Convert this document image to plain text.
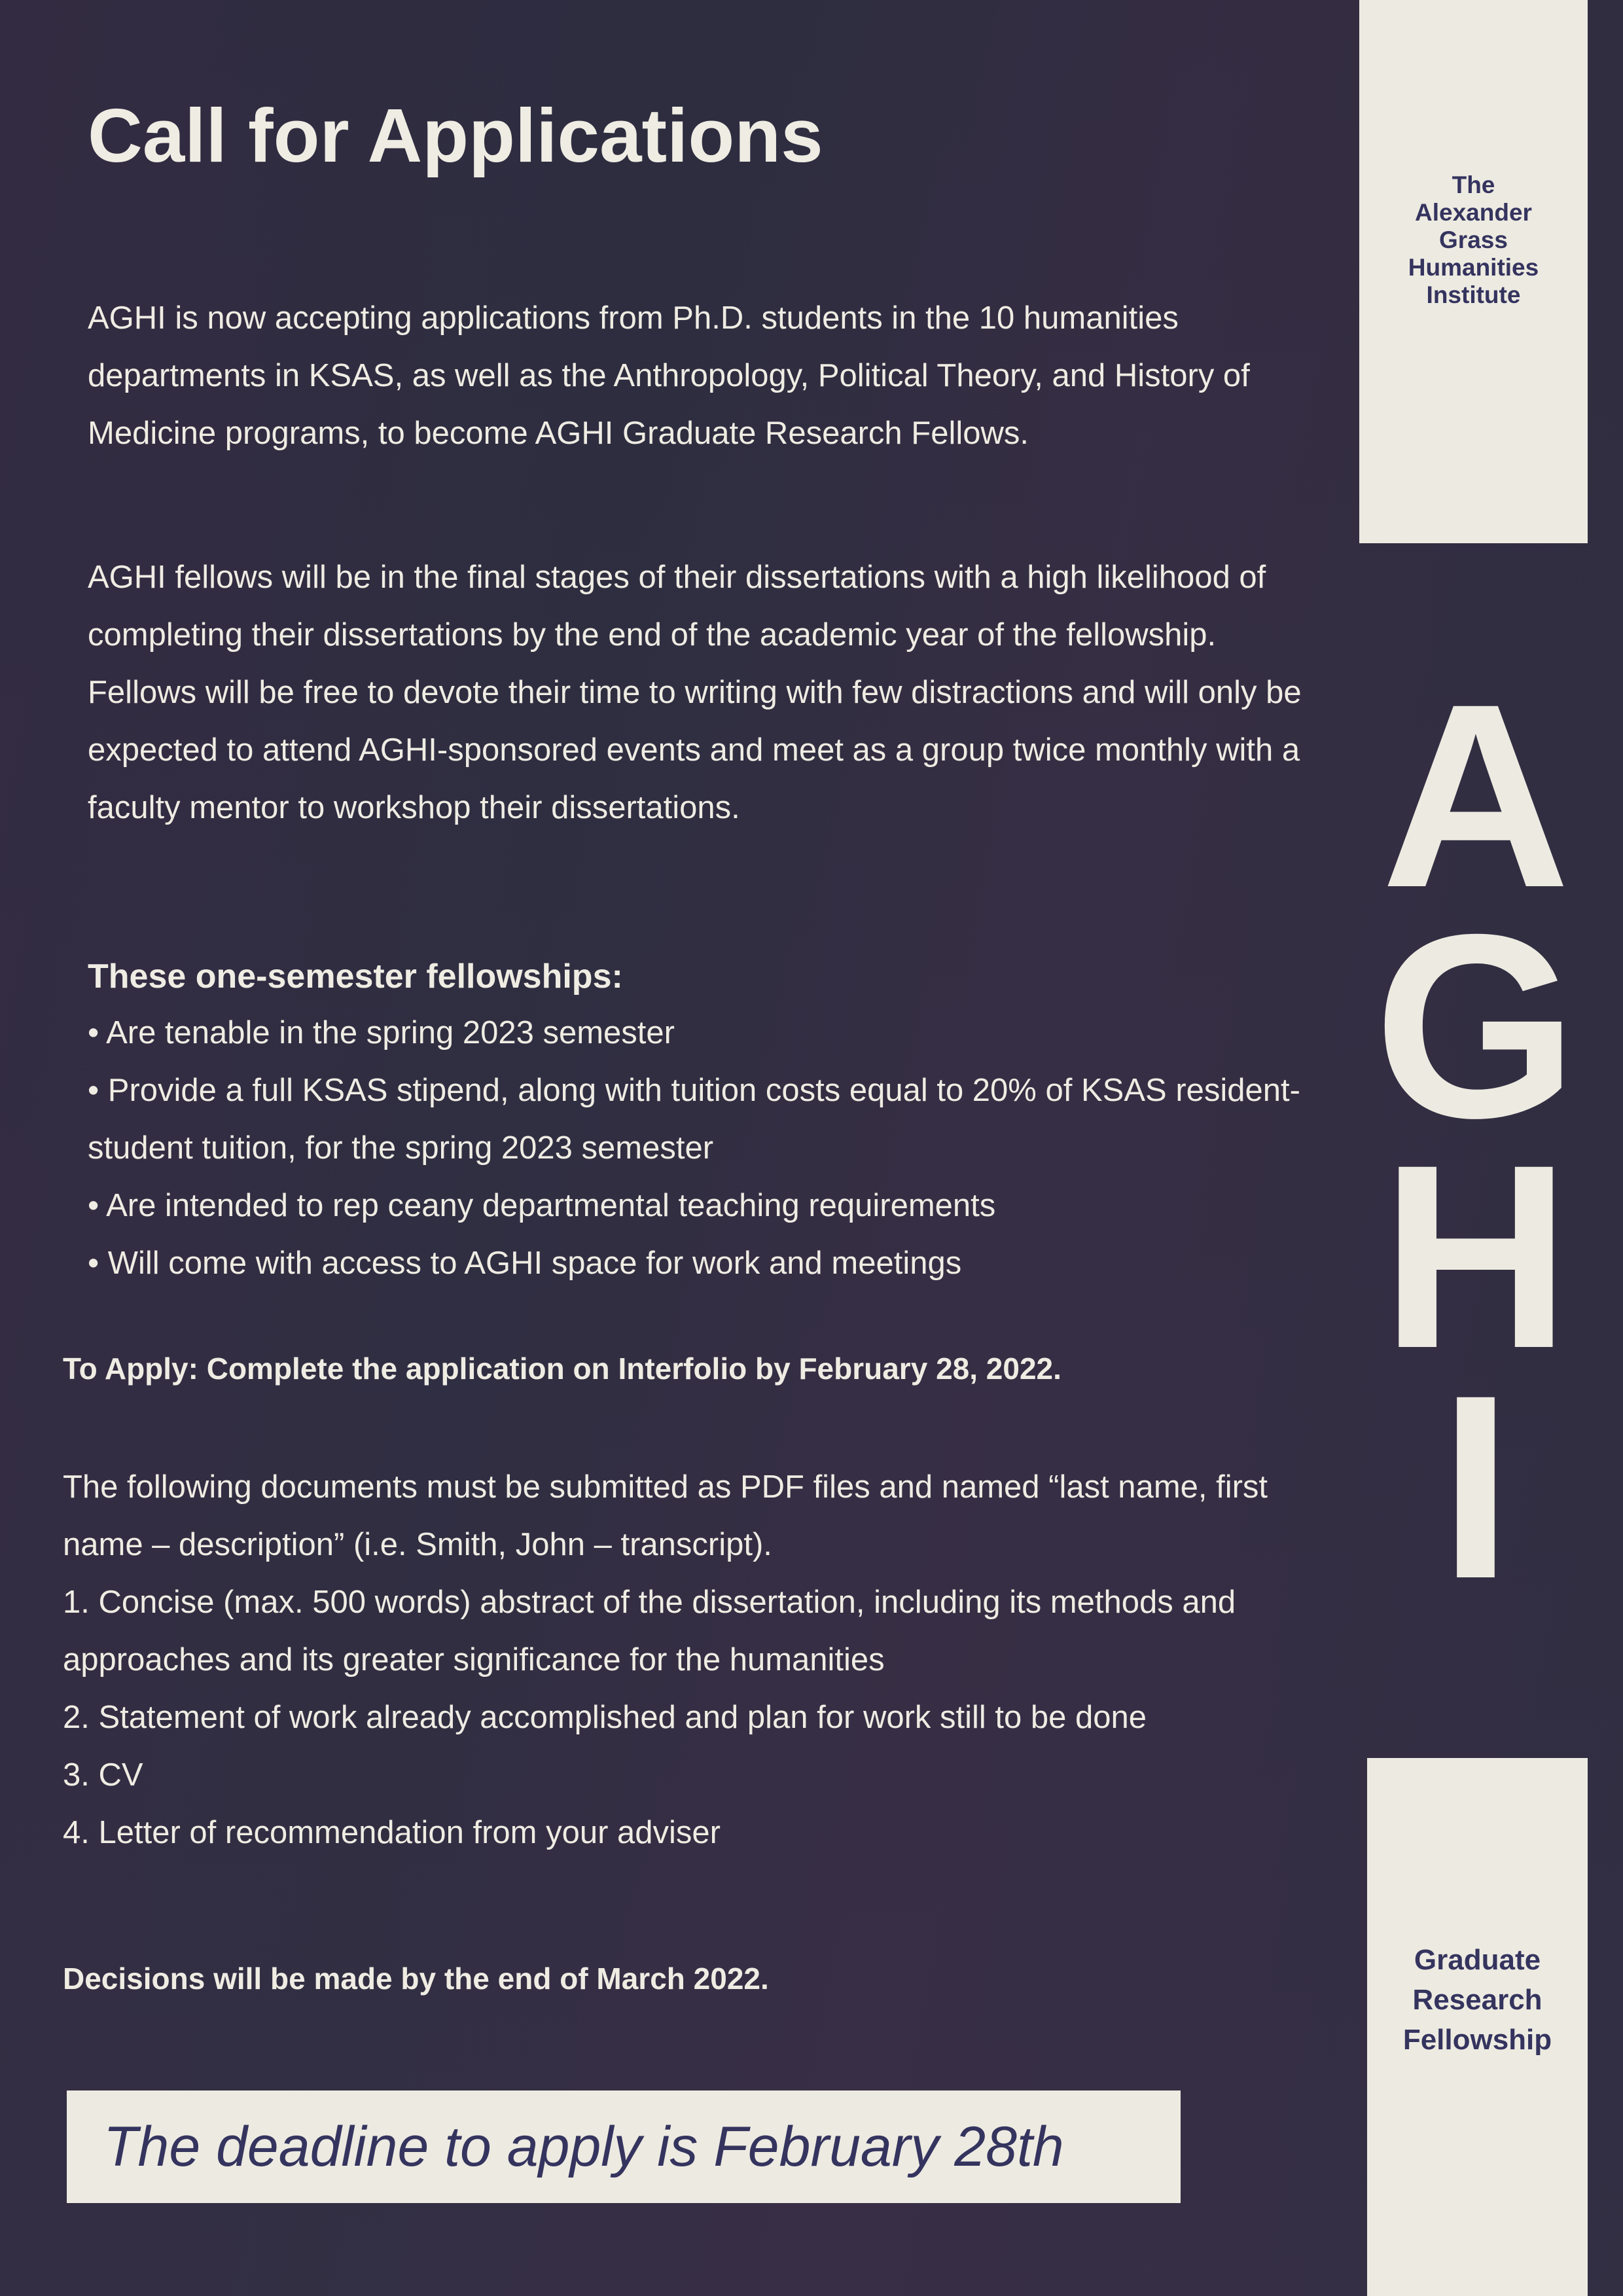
Call for Applications

AGHI is now accepting applications from Ph.D. students in the 10 humanities departments in KSAS, as well as the Anthropology, Political Theory, and History of Medicine programs, to become AGHI Graduate Research Fellows.

AGHI fellows will be in the final stages of their dissertations with a high likelihood of completing their dissertations by the end of the academic year of the fellowship. Fellows will be free to devote their time to writing with few distractions and will only be expected to attend AGHI-sponsored events and meet as a group twice monthly with a faculty mentor to workshop their dissertations.

These one-semester fellowships:

• Are tenable in the spring 2023 semester

• Provide a full KSAS stipend, along with tuition costs equal to 20% of KSAS resident-student tuition, for the spring 2023 semester

• Are intended to rep ceany departmental teaching requirements

• Will come with access to AGHI space for work and meetings

To Apply: Complete the application on Interfolio by February 28, 2022.

The following documents must be submitted as PDF files and named “last name, first name – description” (i.e. Smith, John – transcript).

1. Concise (max. 500 words) abstract of the dissertation, including its methods and approaches and its greater significance for the humanities

2. Statement of work already accomplished and plan for work still to be done

3. CV

4. Letter of recommendation from your adviser

Decisions will be made by the end of March 2022.

The deadline to apply is February 28th
The
Alexander
Grass
Humanities
Institute
A
G
H
I
Graduate
Research
Fellowship
